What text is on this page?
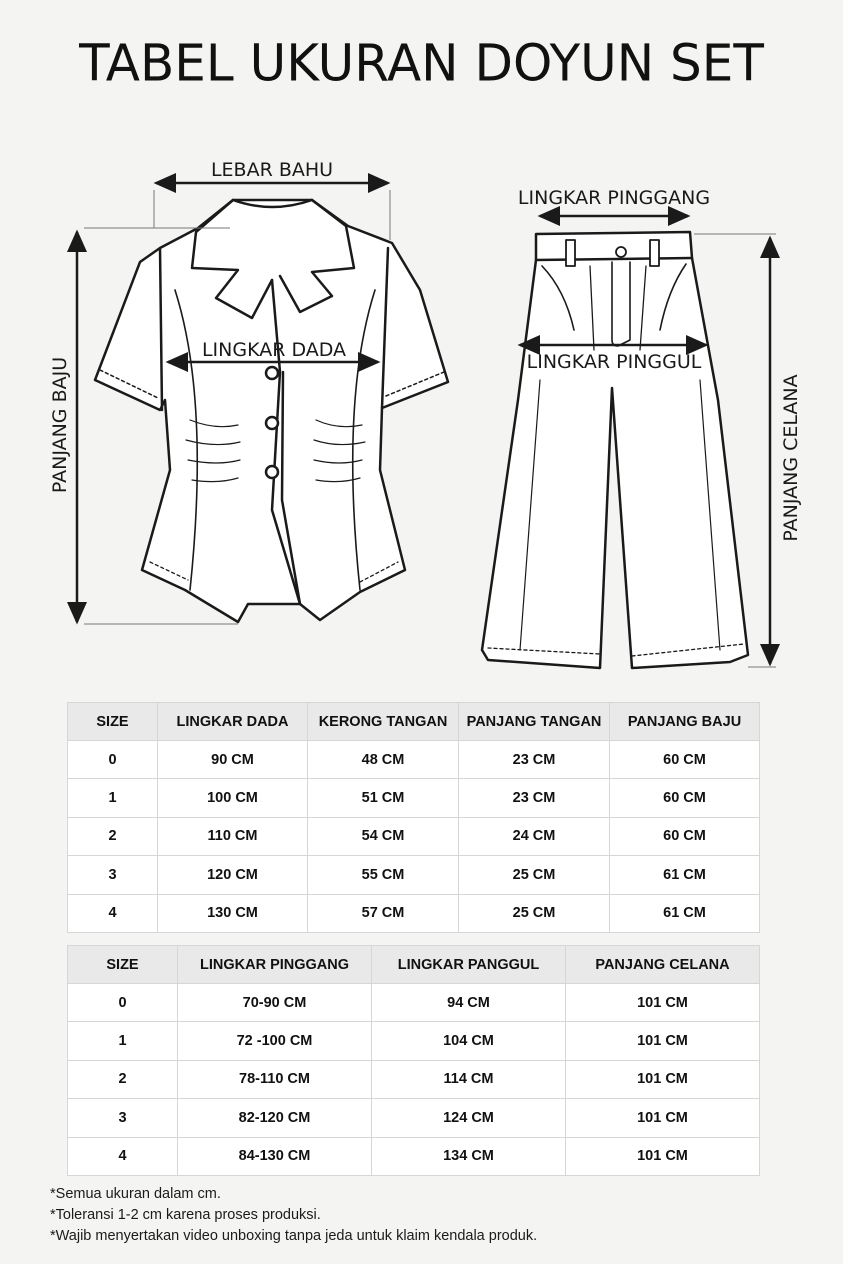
TABEL UKURAN DOYUN SET
LEBAR BAHU
LINGKAR DADA
PANJANG BAJU
LINGKAR PINGGANG
LINGKAR PINGGUL
PANJANG CELANA
SIZE	LINGKAR DADA	KERONG TANGAN	PANJANG TANGAN	PANJANG BAJU
0	90 CM	48 CM	23 CM	60 CM
1	100 CM	51 CM	23 CM	60 CM
2	110 CM	54 CM	24 CM	60 CM
3	120 CM	55 CM	25 CM	61 CM
4	130 CM	57 CM	25 CM	61 CM
SIZE	LINGKAR PINGGANG	LINGKAR PANGGUL	PANJANG CELANA
0	70-90 CM	94 CM	101 CM
1	72 -100 CM	104 CM	101 CM
2	78-110 CM	114 CM	101 CM
3	82-120 CM	124 CM	101 CM
4	84-130 CM	134 CM	101 CM
*Semua ukuran dalam cm.
*Toleransi 1-2 cm karena proses produksi.
*Wajib menyertakan video unboxing tanpa jeda untuk klaim kendala produk.
